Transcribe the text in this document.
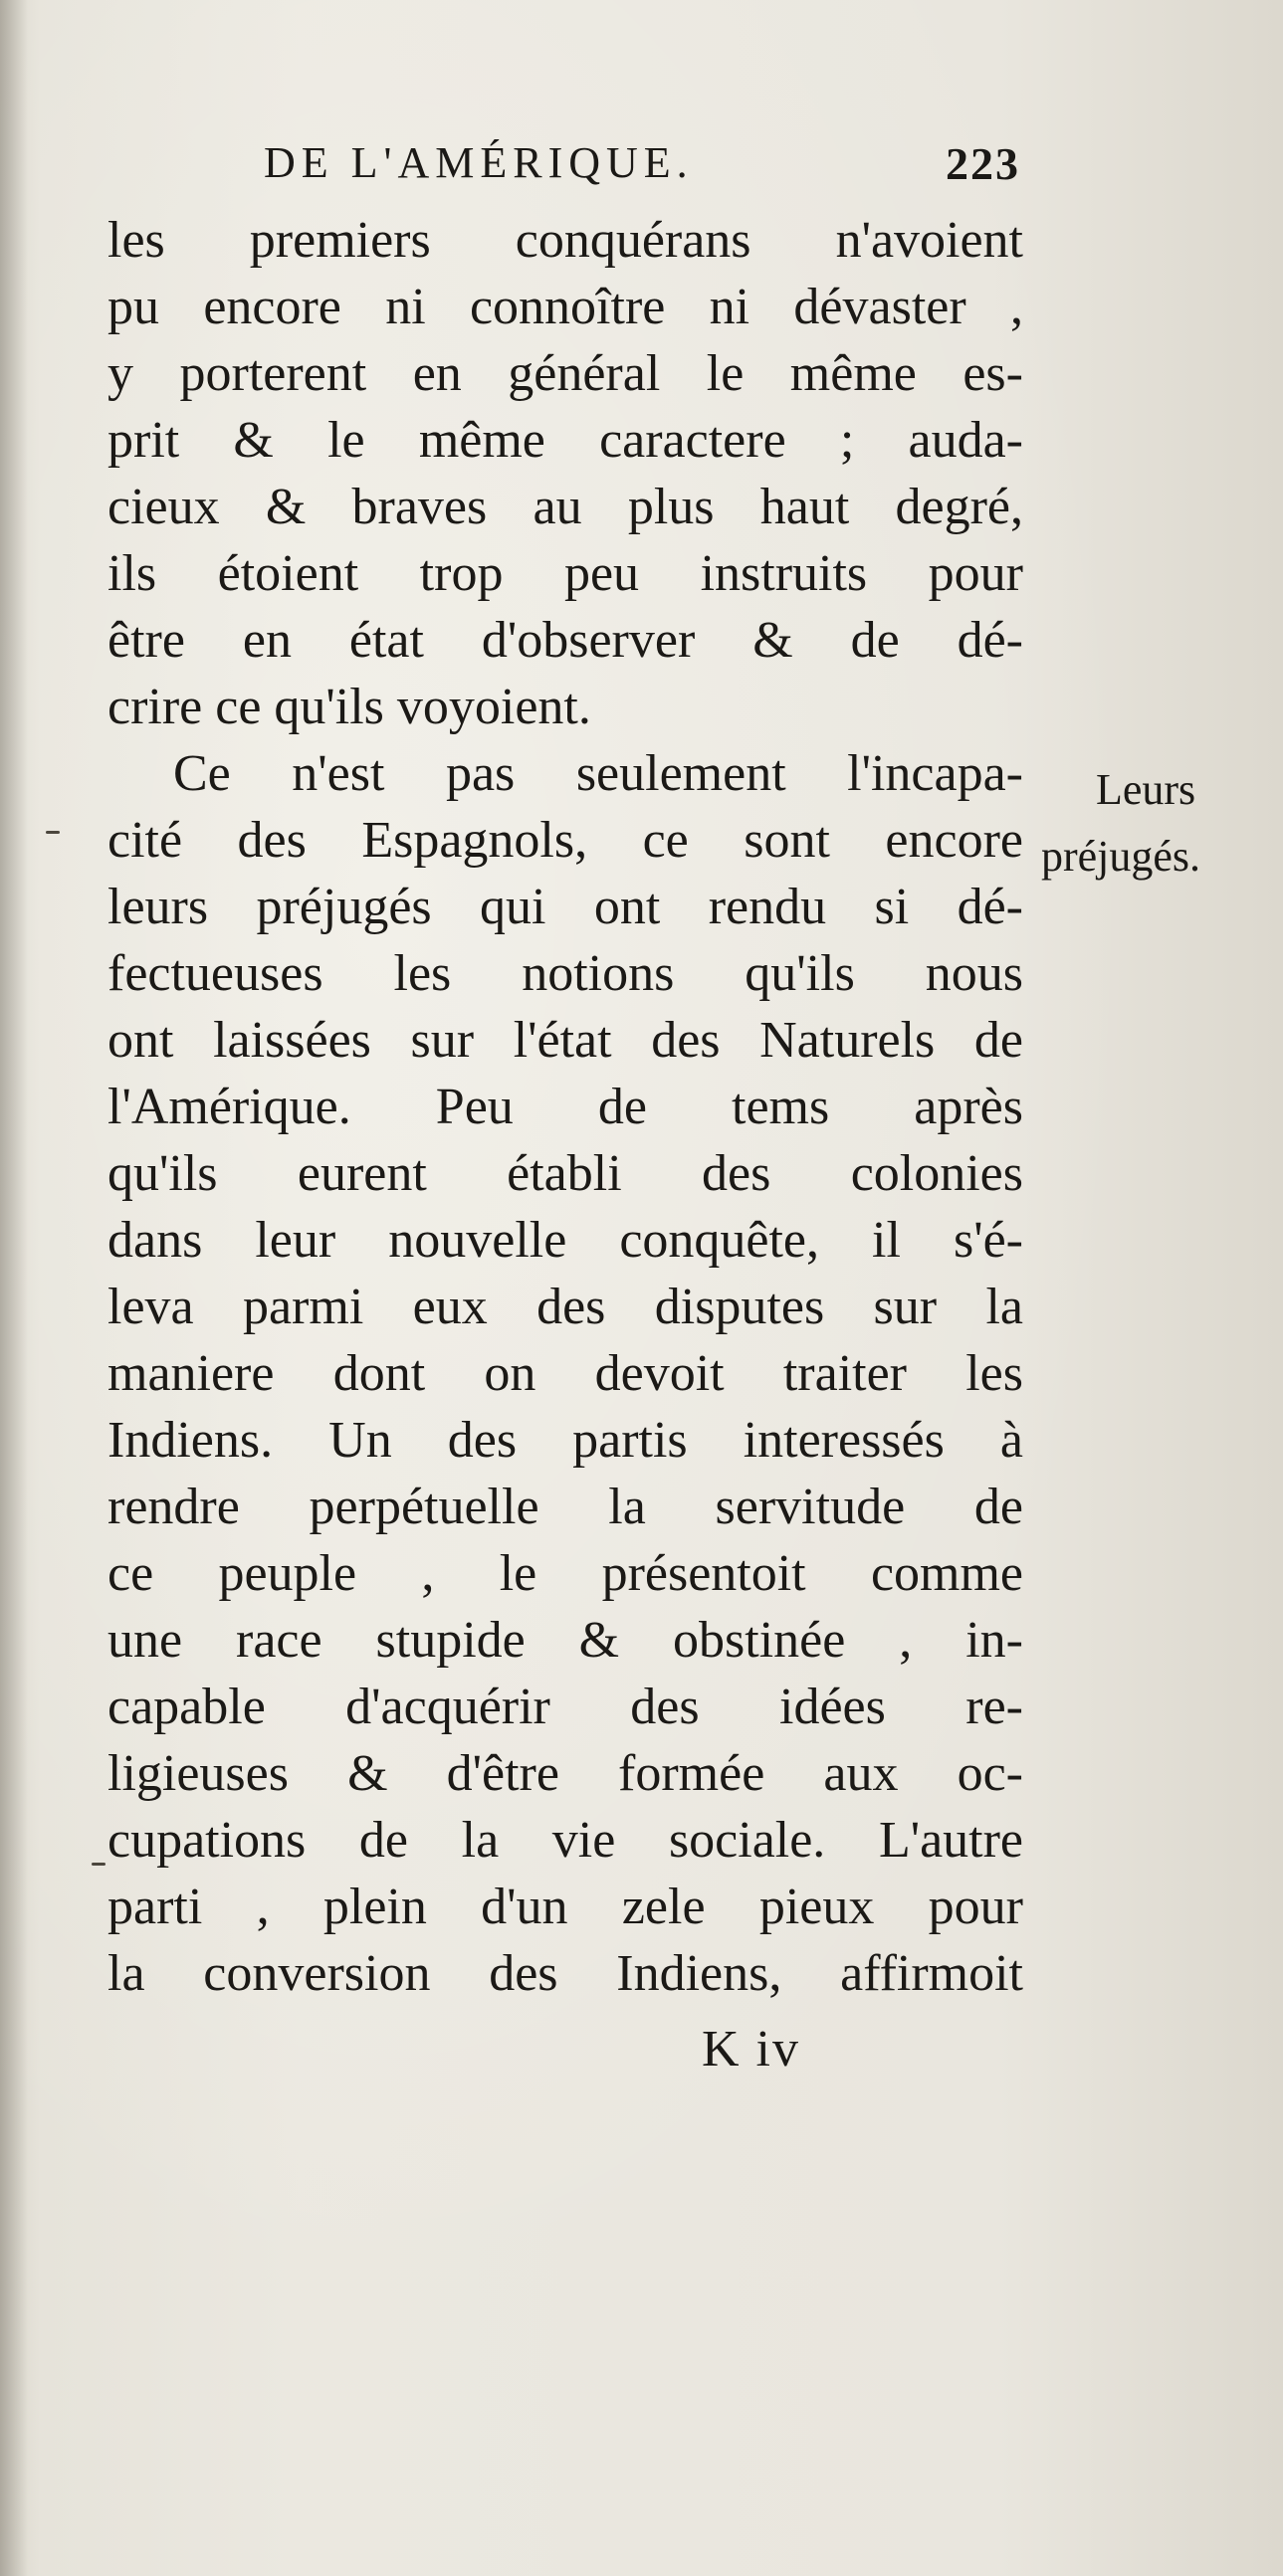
DE L'AMÉRIQUE.	223
les premiers conquérans n'avoient
pu encore ni connoître ni dévaster ,
y porterent en général le même es-
prit & le même caractere ; auda-
cieux & braves au plus haut degré,
ils étoient trop peu instruits pour
être en état d'observer & de dé-
crire ce qu'ils voyoient.
Ce n'est pas seulement l'incapa-
cité des Espagnols, ce sont encore
leurs préjugés qui ont rendu si dé-
fectueuses les notions qu'ils nous
ont laissées sur l'état des Naturels de
l'Amérique. Peu de tems après
qu'ils eurent établi des colonies
dans leur nouvelle conquête, il s'é-
leva parmi eux des disputes sur la
maniere dont on devoit traiter les
Indiens. Un des partis interessés à
rendre perpétuelle la servitude de
ce peuple , le présentoit comme
une race stupide & obstinée , in-
capable d'acquérir des idées re-
ligieuses & d'être formée aux oc-
cupations de la vie sociale. L'autre
parti , plein d'un zele pieux pour
la conversion des Indiens, affirmoit
Leurs
préjugés.
K iv
